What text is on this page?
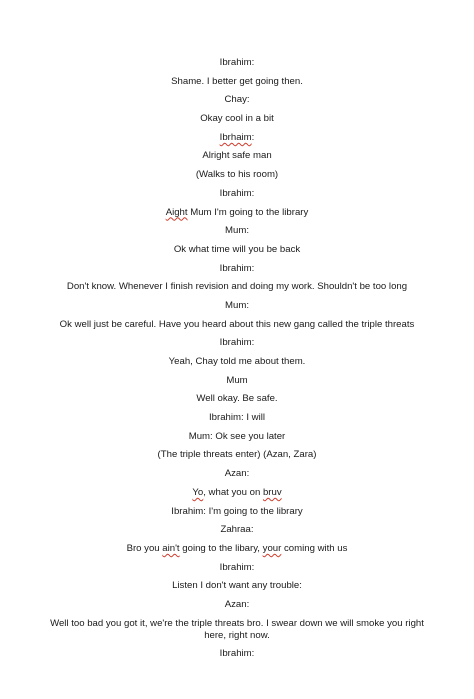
Ibrahim:
Shame. I better get going then.
Chay:
Okay cool in a bit
Ibrhaim:
Alright safe man
(Walks to his room)
Ibrahim:
Aight Mum I'm going to the library
Mum:
Ok what time will you be back
Ibrahim:
Don't know. Whenever I finish revision and doing my work. Shouldn't be too long
Mum:
Ok well just be careful. Have you heard about this new gang called the triple threats
Ibrahim:
Yeah, Chay told me about them.
Mum
Well okay. Be safe.
Ibrahim: I will
Mum: Ok see you later
(The triple threats enter) (Azan, Zara)
Azan:
Yo, what you on bruv
Ibrahim: I'm going to the library
Zahraa:
Bro you ain't going to the libary, your coming with us
Ibrahim:
Listen I don't want any trouble:
Azan:
Well too bad you got it, we're the triple threats bro. I swear down we will smoke you right here, right now.
Ibrahim:
